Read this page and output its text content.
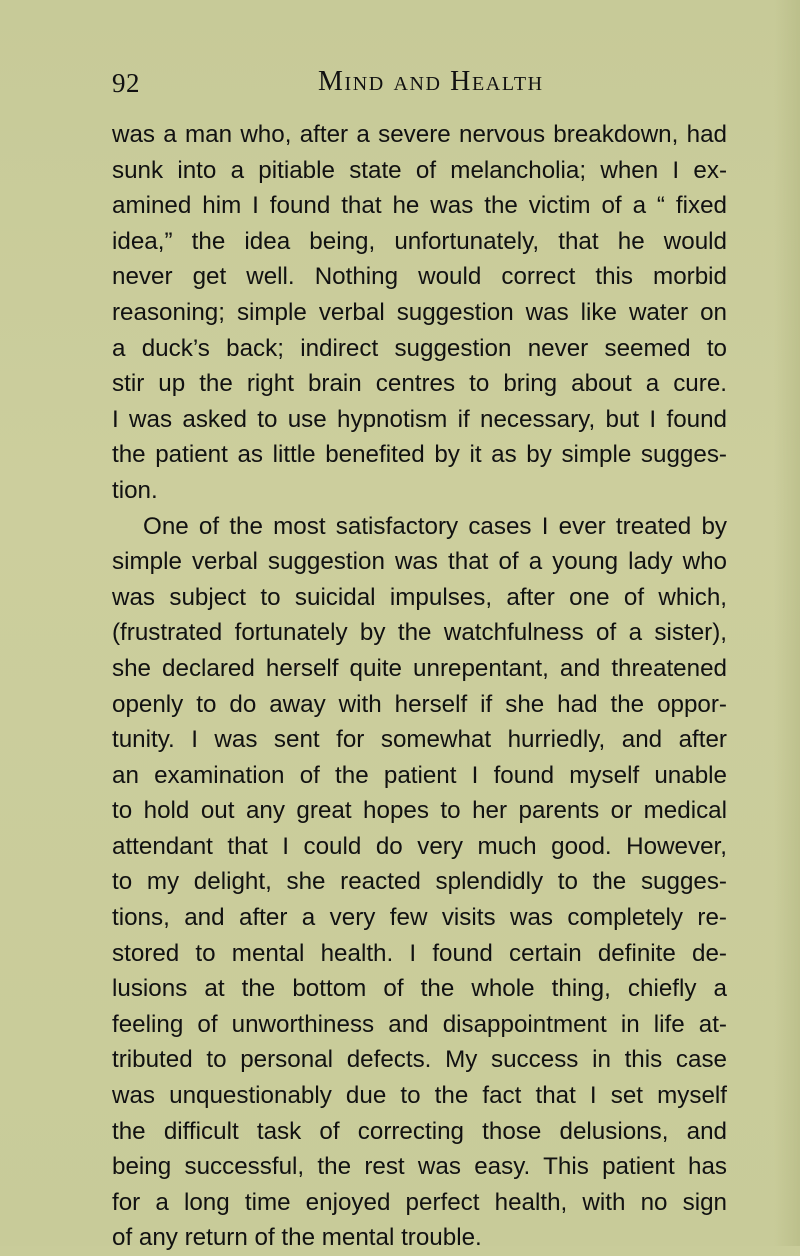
92	Mind and Health
was a man who, after a severe nervous breakdown, had
sunk into a pitiable state of melancholia; when I ex-
amined him I found that he was the victim of a “ fixed
idea,” the idea being, unfortunately, that he would
never get well. Nothing would correct this morbid
reasoning; simple verbal suggestion was like water on
a duck’s back; indirect suggestion never seemed to
stir up the right brain centres to bring about a cure.
I was asked to use hypnotism if necessary, but I found
the patient as little benefited by it as by simple sugges-
tion.
One of the most satisfactory cases I ever treated by
simple verbal suggestion was that of a young lady who
was subject to suicidal impulses, after one of which,
(frustrated fortunately by the watchfulness of a sister),
she declared herself quite unrepentant, and threatened
openly to do away with herself if she had the oppor-
tunity. I was sent for somewhat hurriedly, and after
an examination of the patient I found myself unable
to hold out any great hopes to her parents or medical
attendant that I could do very much good. However,
to my delight, she reacted splendidly to the sugges-
tions, and after a very few visits was completely re-
stored to mental health. I found certain definite de-
lusions at the bottom of the whole thing, chiefly a
feeling of unworthiness and disappointment in life at-
tributed to personal defects. My success in this case
was unquestionably due to the fact that I set myself
the difficult task of correcting those delusions, and
being successful, the rest was easy. This patient has
for a long time enjoyed perfect health, with no sign
of any return of the mental trouble.
